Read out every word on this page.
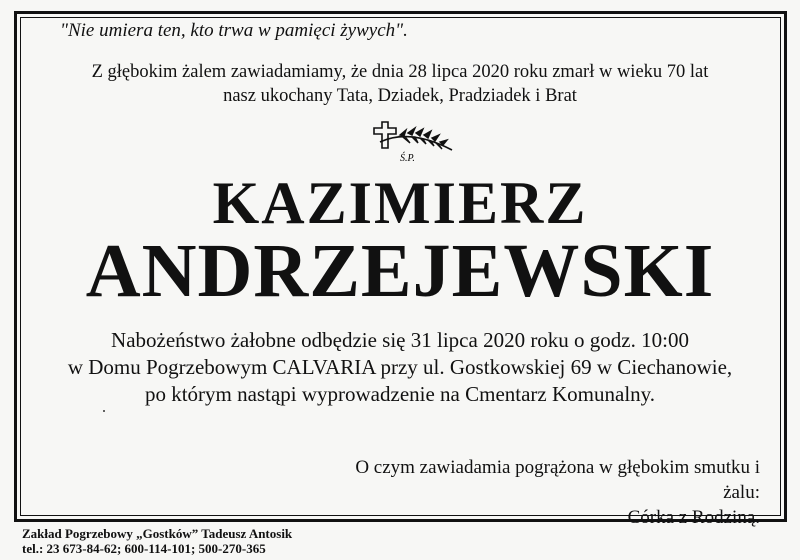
"Nie umiera ten, kto trwa w pamięci żywych".
Z głębokim żalem zawiadamiamy, że dnia 28 lipca 2020 roku zmarł w wieku 70 lat
nasz ukochany Tata, Dziadek, Pradziadek i Brat
Ś.P.
KAZIMIERZ
ANDRZEJEWSKI
Nabożeństwo żałobne odbędzie się 31 lipca 2020 roku o godz. 10:00
w Domu Pogrzebowym CALVARIA przy ul. Gostkowskiej 69 w Ciechanowie,
po którym nastąpi wyprowadzenie na Cmentarz Komunalny.
O czym zawiadamia pogrążona w głębokim smutku i żalu:
Córka z Rodziną.
Zakład Pogrzebowy „Gostków” Tadeusz Antosik
tel.: 23 673-84-62; 600-114-101; 500-270-365
